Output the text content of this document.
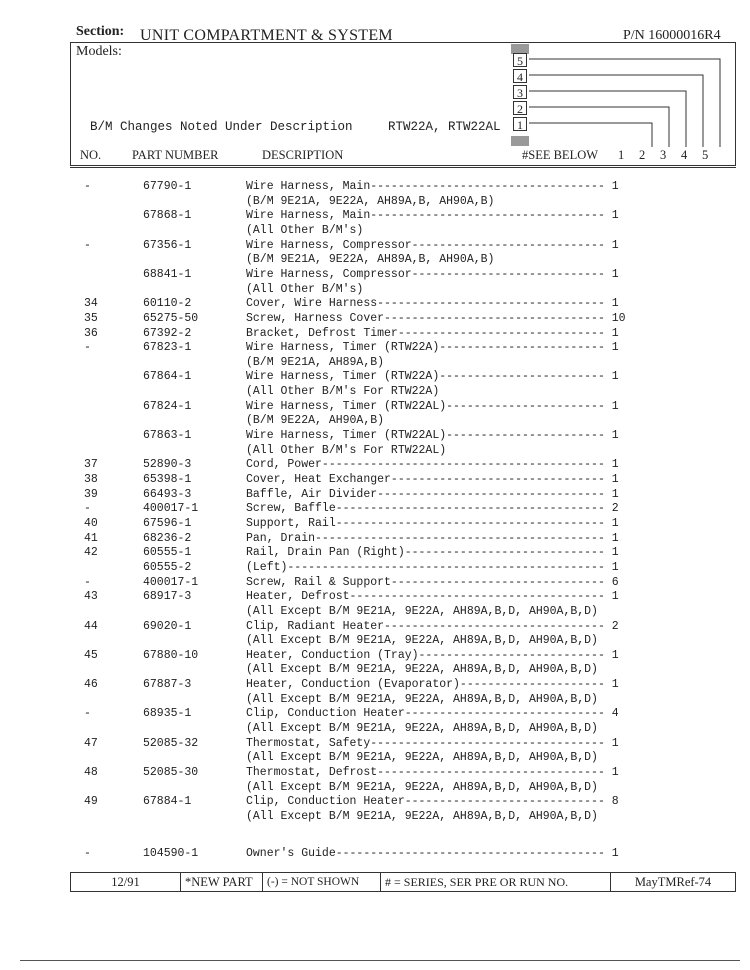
Section: UNIT COMPARTMENT & SYSTEM	P/N 16000016R4
Models:
B/M Changes Noted Under Description	RTW22A, RTW22AL
5
4
3
2
1
NO. PART NUMBER	DESCRIPTION	#SEE BELOW 1 2 3 4 5
-	67790-1	Wire Harness, Main---------------------------------- 1
(B/M 9E21A, 9E22A, AH89A,B, AH90A,B)
67868-1	Wire Harness, Main---------------------------------- 1
(All Other B/M's)
-	67356-1	Wire Harness, Compressor---------------------------- 1
(B/M 9E21A, 9E22A, AH89A,B, AH90A,B)
68841-1	Wire Harness, Compressor---------------------------- 1
(All Other B/M's)
34	60110-2	Cover, Wire Harness--------------------------------- 1
35	65275-50	Screw, Harness Cover-------------------------------- 10
36	67392-2	Bracket, Defrost Timer------------------------------ 1
-	67823-1	Wire Harness, Timer (RTW22A)------------------------ 1
(B/M 9E21A, AH89A,B)
67864-1	Wire Harness, Timer (RTW22A)------------------------ 1
(All Other B/M's For RTW22A)
67824-1	Wire Harness, Timer (RTW22AL)----------------------- 1
(B/M 9E22A, AH90A,B)
67863-1	Wire Harness, Timer (RTW22AL)----------------------- 1
(All Other B/M's For RTW22AL)
37	52890-3	Cord, Power----------------------------------------- 1
38	65398-1	Cover, Heat Exchanger------------------------------- 1
39	66493-3	Baffle, Air Divider--------------------------------- 1
-	400017-1	Screw, Baffle--------------------------------------- 2
40	67596-1	Support, Rail--------------------------------------- 1
41	68236-2	Pan, Drain------------------------------------------ 1
42	60555-1	Rail, Drain Pan (Right)----------------------------- 1
60555-2	(Left)---------------------------------------------- 1
-	400017-1	Screw, Rail & Support------------------------------- 6
43	68917-3	Heater, Defrost------------------------------------- 1
(All Except B/M 9E21A, 9E22A, AH89A,B,D, AH90A,B,D)
44	69020-1	Clip, Radiant Heater-------------------------------- 2
(All Except B/M 9E21A, 9E22A, AH89A,B,D, AH90A,B,D)
45	67880-10	Heater, Conduction (Tray)--------------------------- 1
(All Except B/M 9E21A, 9E22A, AH89A,B,D, AH90A,B,D)
46	67887-3	Heater, Conduction (Evaporator)--------------------- 1
(All Except B/M 9E21A, 9E22A, AH89A,B,D, AH90A,B,D)
-	68935-1	Clip, Conduction Heater----------------------------- 4
(All Except B/M 9E21A, 9E22A, AH89A,B,D, AH90A,B,D)
47	52085-32	Thermostat, Safety---------------------------------- 1
(All Except B/M 9E21A, 9E22A, AH89A,B,D, AH90A,B,D)
48	52085-30	Thermostat, Defrost--------------------------------- 1
(All Except B/M 9E21A, 9E22A, AH89A,B,D, AH90A,B,D)
49	67884-1	Clip, Conduction Heater----------------------------- 8
(All Except B/M 9E21A, 9E22A, AH89A,B,D, AH90A,B,D)
-	104590-1	Owner's Guide--------------------------------------- 1
12/91	*NEW PART	(-) = NOT SHOWN	# = SERIES, SER PRE OR RUN NO.	MayTMRef-74
